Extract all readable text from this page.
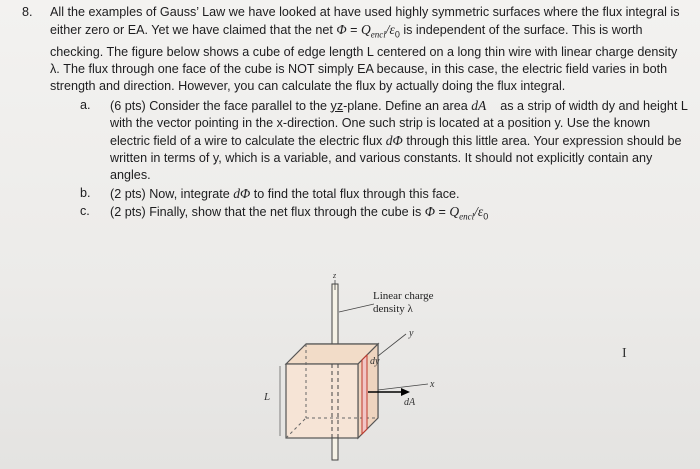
8. All the examples of Gauss’ Law we have looked at have used highly symmetric surfaces where the flux integral is either zero or EA. Yet we have claimed that the net $\Phi = Q_{encl}/\varepsilon_0$ is independent of the surface. This is worth checking. The figure below shows a cube of edge length L centered on a long thin wire with linear charge density λ. The flux through one face of the cube is NOT simply EA because, in this case, the electric field varies in both strength and direction. However, you can calculate the flux by actually doing the flux integral.
a. (6 pts) Consider the face parallel to the yz-plane. Define an area dA⃗ as a strip of width dy and height L with the vector pointing in the x-direction. One such strip is located at a position y. Use the known electric field of a wire to calculate the electric flux dΦ through this little area. Your expression should be written in terms of y, which is a variable, and various constants. It should not explicitly contain any angles.
b. (2 pts) Now, integrate dΦ to find the total flux through this face.
c. (2 pts) Finally, show that the net flux through the cube is $\Phi = Q_{encl}/\varepsilon_0$
Linear charge
density λ
z
y
x
dy
L	dA
I
